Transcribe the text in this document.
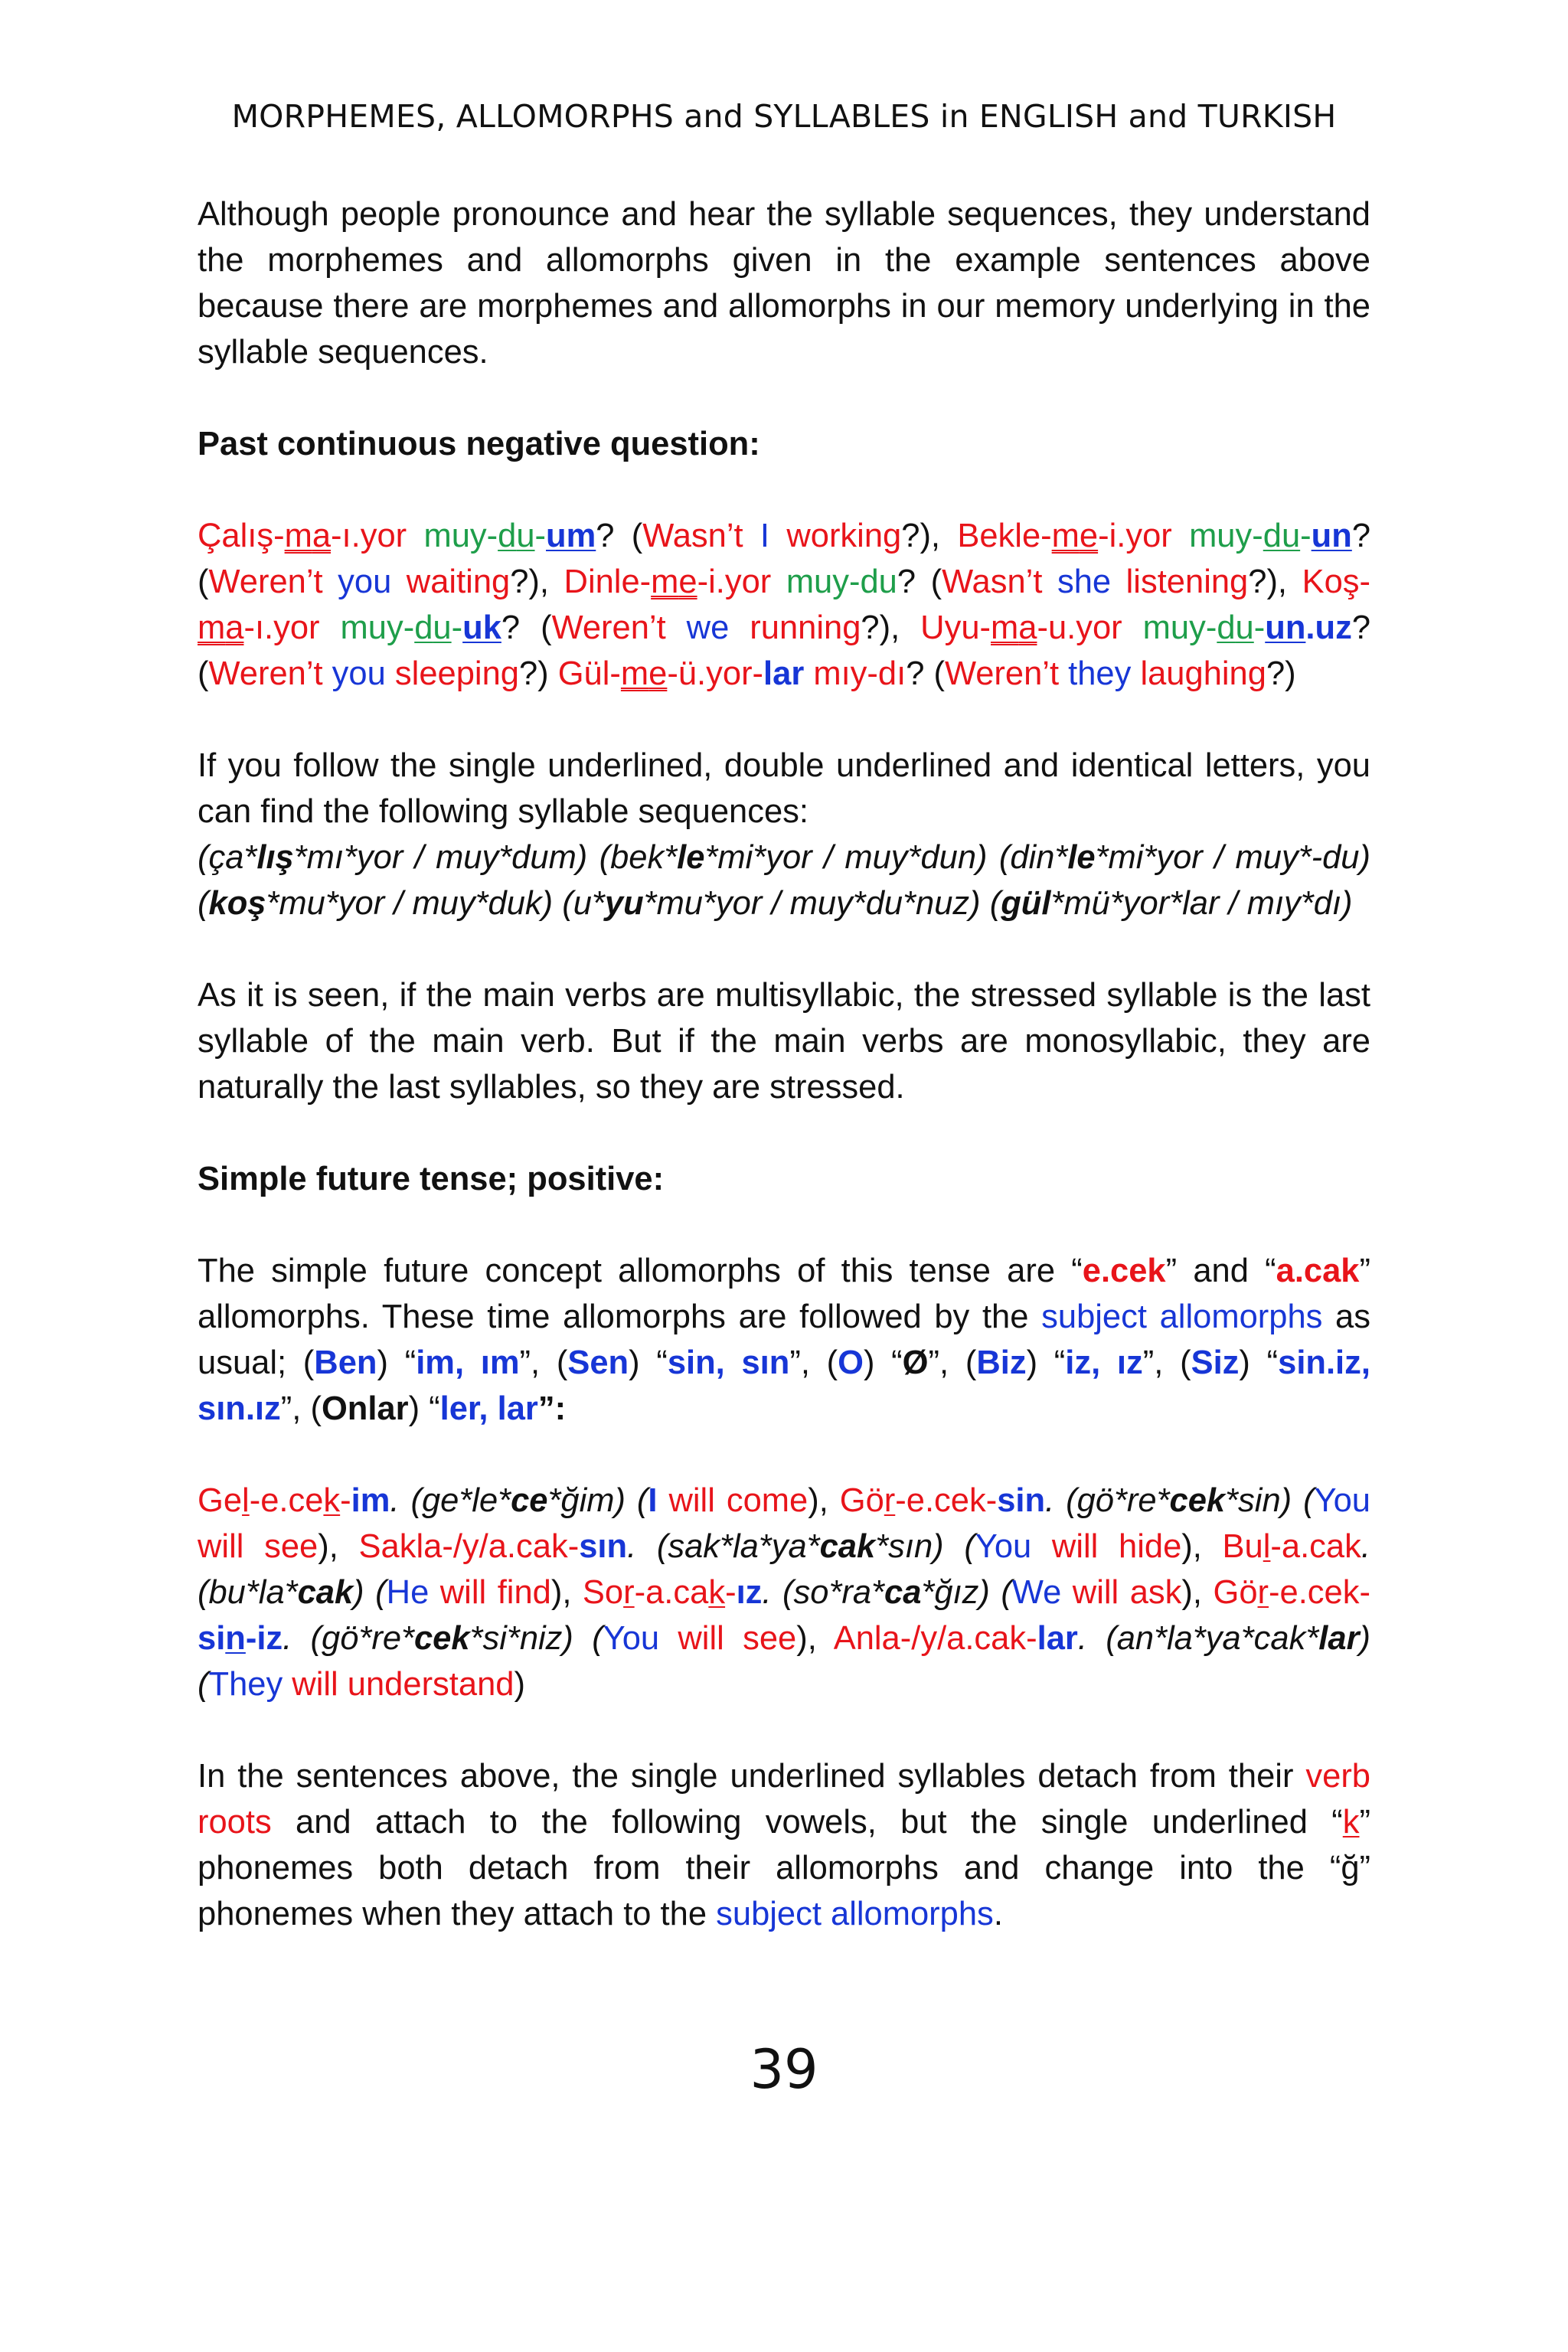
MORPHEMES, ALLOMORPHS and SYLLABLES in ENGLISH and TURKISH

Although people pronounce and hear the syllable sequences, they understand the morphemes and allomorphs given in the example sentences above because there are morphemes and allomorphs in our memory underlying in the syllable sequences.

Past continuous negative question:

Çalış-ma-ı.yor muy-du-um? (Wasn’t I working?), Bekle-me-i.yor muy-du-un? (Weren’t you waiting?), Dinle-me-i.yor muy-du? (Wasn’t she listening?), Koş-ma-ı.yor muy-du-uk? (Weren’t we running?), Uyu-ma-u.yor muy-du-un.uz? (Weren’t you sleeping?) Gül-me-ü.yor-lar mıy-dı? (Weren’t they laughing?)

If you follow the single underlined, double underlined and identical letters, you can find the following syllable sequences:
(ça*lış*mı*yor / muy*dum) (bek*le*mi*yor / muy*dun) (din*le*mi*yor / muy*-du) (koş*mu*yor / muy*duk) (u*yu*mu*yor / muy*du*nuz) (gül*mü*yor*lar / mıy*dı)

As it is seen, if the main verbs are multisyllabic, the stressed syllable is the last syllable of the main verb. But if the main verbs are monosyllabic, they are naturally the last syllables, so they are stressed.

Simple future tense; positive:

The simple future concept allomorphs of this tense are “e.cek” and “a.cak” allomorphs. These time allomorphs are followed by the subject allomorphs as usual; (Ben) “im, ım”, (Sen) “sin, sın”, (O) “Ø”, (Biz) “iz, ız”, (Siz) “sin.iz, sın.ız”, (Onlar) “ler, lar”:

Gel-e.cek-im. (ge*le*ce*ğim) (I will come), Gör-e.cek-sin. (gö*re*cek*sin) (You will see), Sakla-/y/a.cak-sın. (sak*la*ya*cak*sın) (You will hide), Bul-a.cak. (bu*la*cak) (He will find), Sor-a.cak-ız. (so*ra*ca*ğız) (We will ask), Gör-e.cek-sin-iz. (gö*re*cek*si*niz) (You will see), Anla-/y/a.cak-lar. (an*la*ya*cak*lar) (They will understand)

In the sentences above, the single underlined syllables detach from their verb roots and attach to the following vowels, but the single underlined “k” phonemes both detach from their allomorphs and change into the “ğ” phonemes when they attach to the subject allomorphs.

39
